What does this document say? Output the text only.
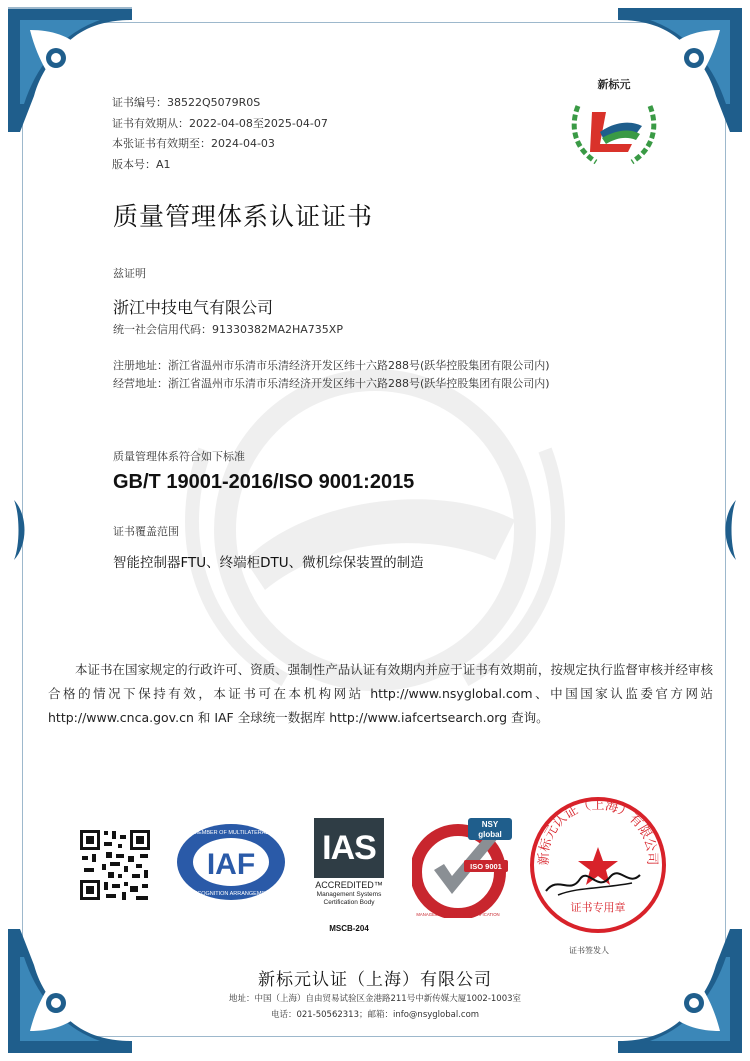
证书编号：38522Q5079R0S
证书有效期从：2022-04-08至2025-04-07
本张证书有效期至：2024-04-03
版本号：A1
新标元
质量管理体系认证证书
兹证明
浙江中技电气有限公司
统一社会信用代码：91330382MA2HA735XP
注册地址：浙江省温州市乐清市乐清经济开发区纬十六路288号(跃华控股集团有限公司内)
经营地址：浙江省温州市乐清市乐清经济开发区纬十六路288号(跃华控股集团有限公司内)
质量管理体系符合如下标准
GB/T 19001-2016/ISO 9001:2015
证书覆盖范围
智能控制器FTU、终端柜DTU、微机综保装置的制造
本证书在国家规定的行政许可、资质、强制性产品认证有效期内并应于证书有效期前，按规定执行监督审核并经审核合格的情况下保持有效，本证书可在本机构网站 http://www.nsyglobal.com、中国国家认监委官方网站 http://www.cnca.gov.cn 和 IAF 全球统一数据库 http://www.iafcertsearch.org 查询。
IAF
MEMBER OF MULTILATERAL
RECOGNITION ARRANGEMENT
IAS
ACCREDITED™
Management Systems
Certification Body
MSCB-204
NSY
global
ISO 9001
MANAGEMENT SYSTEM CERTIFICATION
新标元认证（上海）有限公司
证书专用章
证书签发人
新标元认证（上海）有限公司
地址：中国（上海）自由贸易试验区金港路211号中新传媒大厦1002-1003室
电话：021-50562313；邮箱：info@nsyglobal.com
